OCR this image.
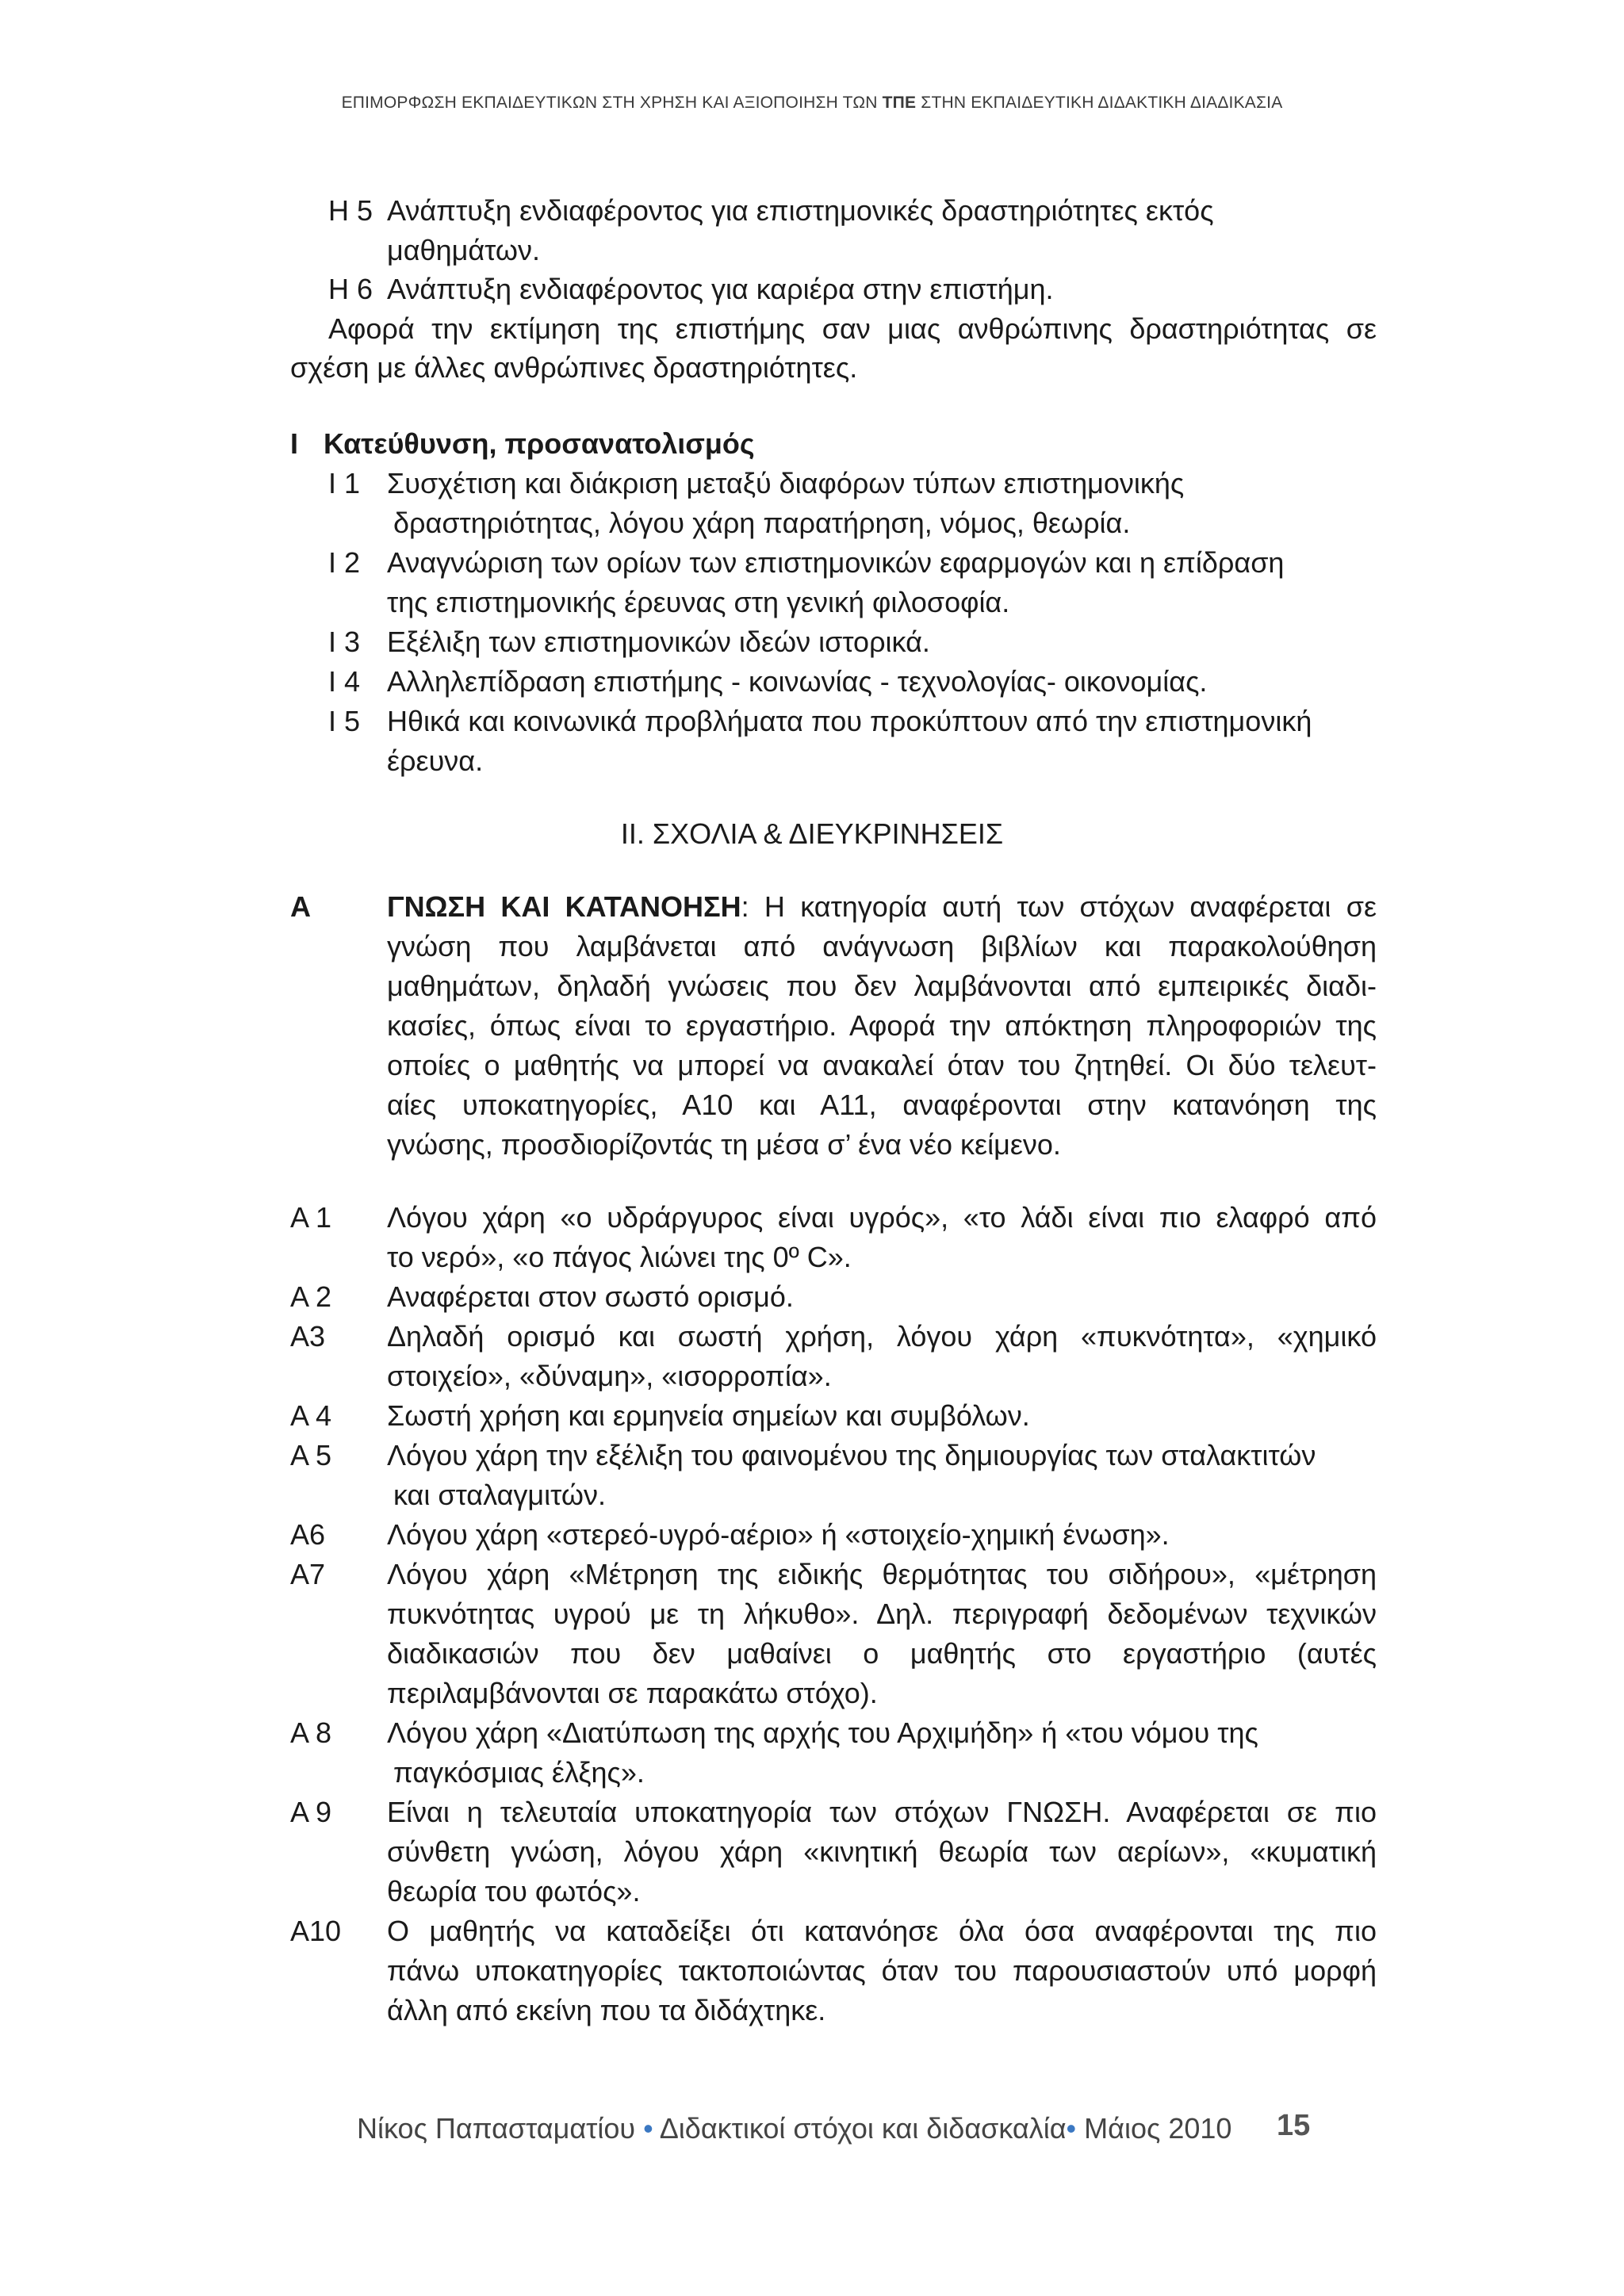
ΕΠΙΜΟΡΦΩΣΗ ΕΚΠΑΙΔΕΥΤΙΚΩΝ ΣΤΗ ΧΡΗΣΗ ΚΑΙ ΑΞΙΟΠΟΙΗΣΗ ΤΩΝ ΤΠΕ ΣΤΗΝ ΕΚΠΑΙΔΕΥΤΙΚΗ ΔΙΔΑΚΤΙΚΗ ΔΙΑΔΙΚΑΣΙΑ
Η 5 Ανάπτυξη ενδιαφέροντος για επιστημονικές δραστηριότητες εκτός
μαθημάτων.
Η 6 Ανάπτυξη ενδιαφέροντος για καριέρα στην επιστήμη.
Αφορά την εκτίμηση της επιστήμης σαν μιας ανθρώπινης δραστηριότητας σε
σχέση με άλλες ανθρώπινες δραστηριότητες.
Ι Κατεύθυνση, προσανατολισμός
Ι 1 Συσχέτιση και διάκριση μεταξύ διαφόρων τύπων επιστημονικής
δραστηριότητας, λόγου χάρη παρατήρηση, νόμος, θεωρία.
Ι 2 Αναγνώριση των ορίων των επιστημονικών εφαρμογών και η επίδραση
της επιστημονικής έρευνας στη γενική φιλοσοφία.
Ι 3 Εξέλιξη των επιστημονικών ιδεών ιστορικά.
Ι 4 Αλληλεπίδραση επιστήμης - κοινωνίας - τεχνολογίας- οικονομίας.
Ι 5 Ηθικά και κοινωνικά προβλήματα που προκύπτουν από την επιστημονική
έρευνα.
ΙΙ. ΣΧΟΛΙΑ & ΔΙΕΥΚΡΙΝΗΣΕΙΣ
Α	ΓΝΩΣΗ ΚΑΙ ΚΑΤΑΝΟΗΣΗ: Η κατηγορία αυτή των στόχων αναφέρεται σε
γνώση που λαμβάνεται από ανάγνωση βιβλίων και παρακολούθηση
μαθημάτων, δηλαδή γνώσεις που δεν λαμβάνονται από εμπειρικές διαδι-
κασίες, όπως είναι το εργαστήριο. Αφορά την απόκτηση πληροφοριών της
οποίες ο μαθητής να μπορεί να ανακαλεί όταν του ζητηθεί. Οι δύο τελευτ-
αίες υποκατηγορίες, Α10 και Α11, αναφέρονται στην κατανόηση της
γνώσης, προσδιορίζοντάς τη μέσα σ’ ένα νέο κείμενο.
Α 1 Λόγου χάρη «ο υδράργυρος είναι υγρός», «το λάδι είναι πιο ελαφρό από
το νερό», «ο πάγος λιώνει της 0º C».
Α 2 Αναφέρεται στον σωστό ορισμό.
Α3 Δηλαδή ορισμό και σωστή χρήση, λόγου χάρη «πυκνότητα», «χημικό
στοιχείο», «δύναμη», «ισορροπία».
Α 4 Σωστή χρήση και ερμηνεία σημείων και συμβόλων.
Α 5 Λόγου χάρη την εξέλιξη του φαινομένου της δημιουργίας των σταλακτιτών
και σταλαγμιτών.
Α6 Λόγου χάρη «στερεό-υγρό-αέριο» ή «στοιχείο-χημική ένωση».
Α7 Λόγου χάρη «Μέτρηση της ειδικής θερμότητας του σιδήρου», «μέτρηση
πυκνότητας υγρού με τη λήκυθο». Δηλ. περιγραφή δεδομένων τεχνικών
διαδικασιών που δεν μαθαίνει ο μαθητής στο εργαστήριο (αυτές
περιλαμβάνονται σε παρακάτω στόχο).
Α 8 Λόγου χάρη «Διατύπωση της αρχής του Αρχιμήδη» ή «του νόμου της
παγκόσμιας έλξης».
Α 9 Είναι η τελευταία υποκατηγορία των στόχων ΓΝΩΣΗ. Αναφέρεται σε πιο
σύνθετη γνώση, λόγου χάρη «κινητική θεωρία των αερίων», «κυματική
θεωρία του φωτός».
Α10 Ο μαθητής να καταδείξει ότι κατανόησε όλα όσα αναφέρονται της πιο
πάνω υποκατηγορίες τακτοποιώντας όταν του παρουσιαστούν υπό μορφή
άλλη από εκείνη που τα διδάχτηκε.
Νίκος Παπασταματίου • Διδακτικοί στόχοι και διδασκαλία• Μάιος 2010 15
